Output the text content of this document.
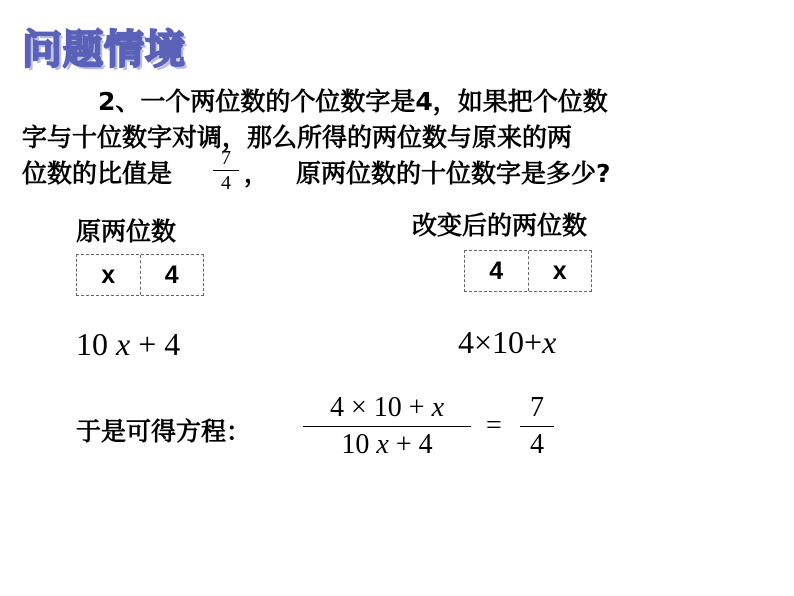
问题情境
2、一个两位数的个位数字是4，如果把个位数
字与十位数字对调，那么所得的两位数与原来的两
位数的比值是
7
4 ， 原两位数的十位数字是多少?
原两位数
x	4
改变后的两位数
4	x
10 x + 4	4×10+x
于是可得方程：
4 × 10 + x
10 x + 4
=
7
4
